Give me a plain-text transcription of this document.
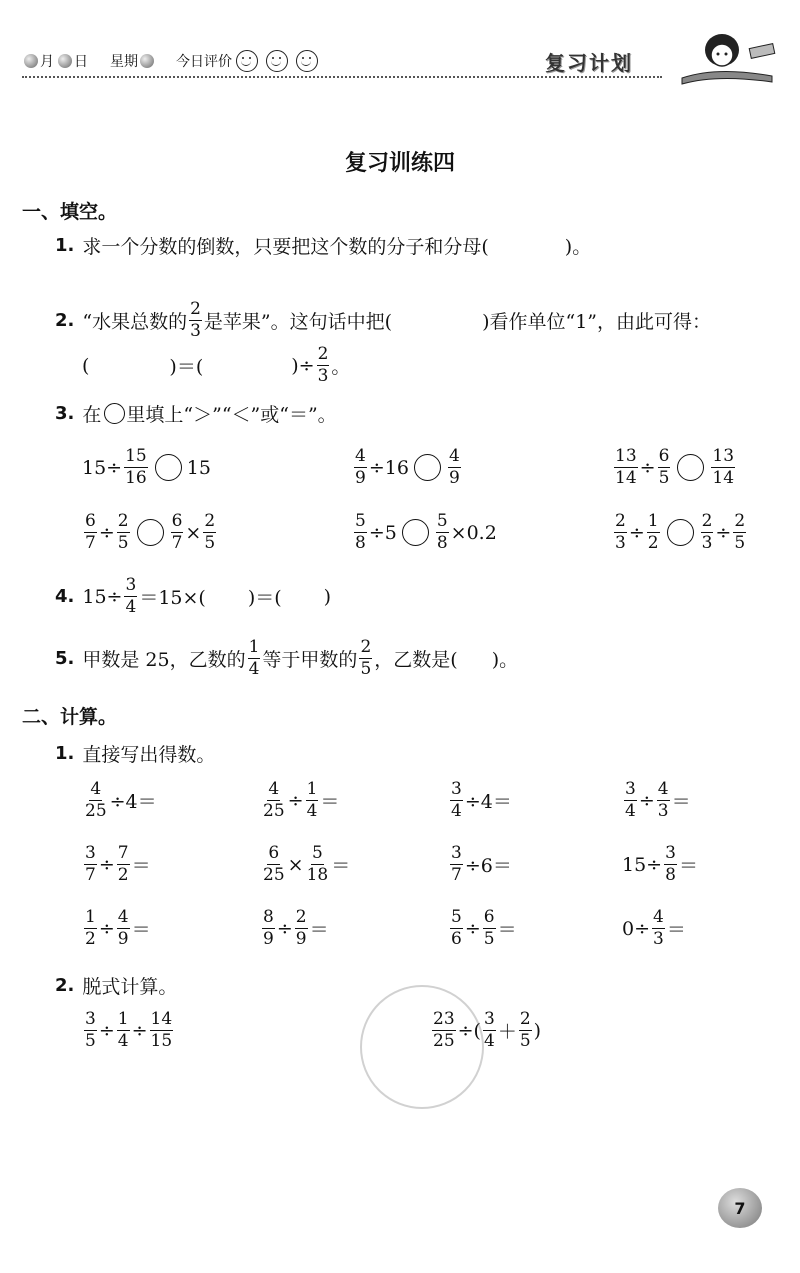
月 日 星期	今日评价	复习计划
复习训练四
一、填空。
1. 求一个分数的倒数，只要把这个数的分子和分母(　　　　)。
2. “水果总数的 $\frac{2}{3}$ 是苹果”。这句话中把(	)看作单位“1”，由此可得：
(	)＝(	)÷ $\frac{2}{3}$ 。
3. 在 里填上“＞”“＜”或“＝”。
$15\div \frac{15}{16} 15$	$\frac{4}{9} \div 16 \frac{4}{9}$	$\frac{13}{14} \div \frac{6}{5} \frac{13}{14}$
$\frac{6}{7} \div \frac{2}{5} \frac{6}{7} \times \frac{2}{5}$	$\frac{5}{8} \div 5 \frac{5}{8} \times 0.2$	$\frac{2}{3} \div \frac{1}{2} \frac{2}{3} \div \frac{2}{5}$
4. $15\div \frac{3}{4} =15\times$( )＝( )
5. 甲数是 25，乙数的 $\frac{1}{4}$ 等于甲数的 $\frac{2}{5}$ ，乙数是( )。
二、计算。
1. 直接写出得数。
$\frac{4}{25} \div 4=$	$\frac{4}{25} \div \frac{1}{4}$ ＝	$\frac{3}{4} \div 4=$	$\frac{3}{4} \div \frac{4}{3}$ ＝
$\frac{3}{7} \div \frac{7}{2}$ ＝	$\frac{6}{25} \times \frac{5}{18}$ ＝	$\frac{3}{7} \div 6=$	$15\div \frac{3}{8}$ ＝
$\frac{1}{2} \div \frac{4}{9}$ ＝	$\frac{8}{9} \div \frac{2}{9}$ ＝	$\frac{5}{6} \div \frac{6}{5}$ ＝	$0\div \frac{4}{3}$ ＝
2. 脱式计算。
$\frac{3}{5} \div \frac{1}{4} \div \frac{14}{15}$	$\frac{23}{25}$ ÷( $\frac{3}{4} + \frac{2}{5}$ )
7
